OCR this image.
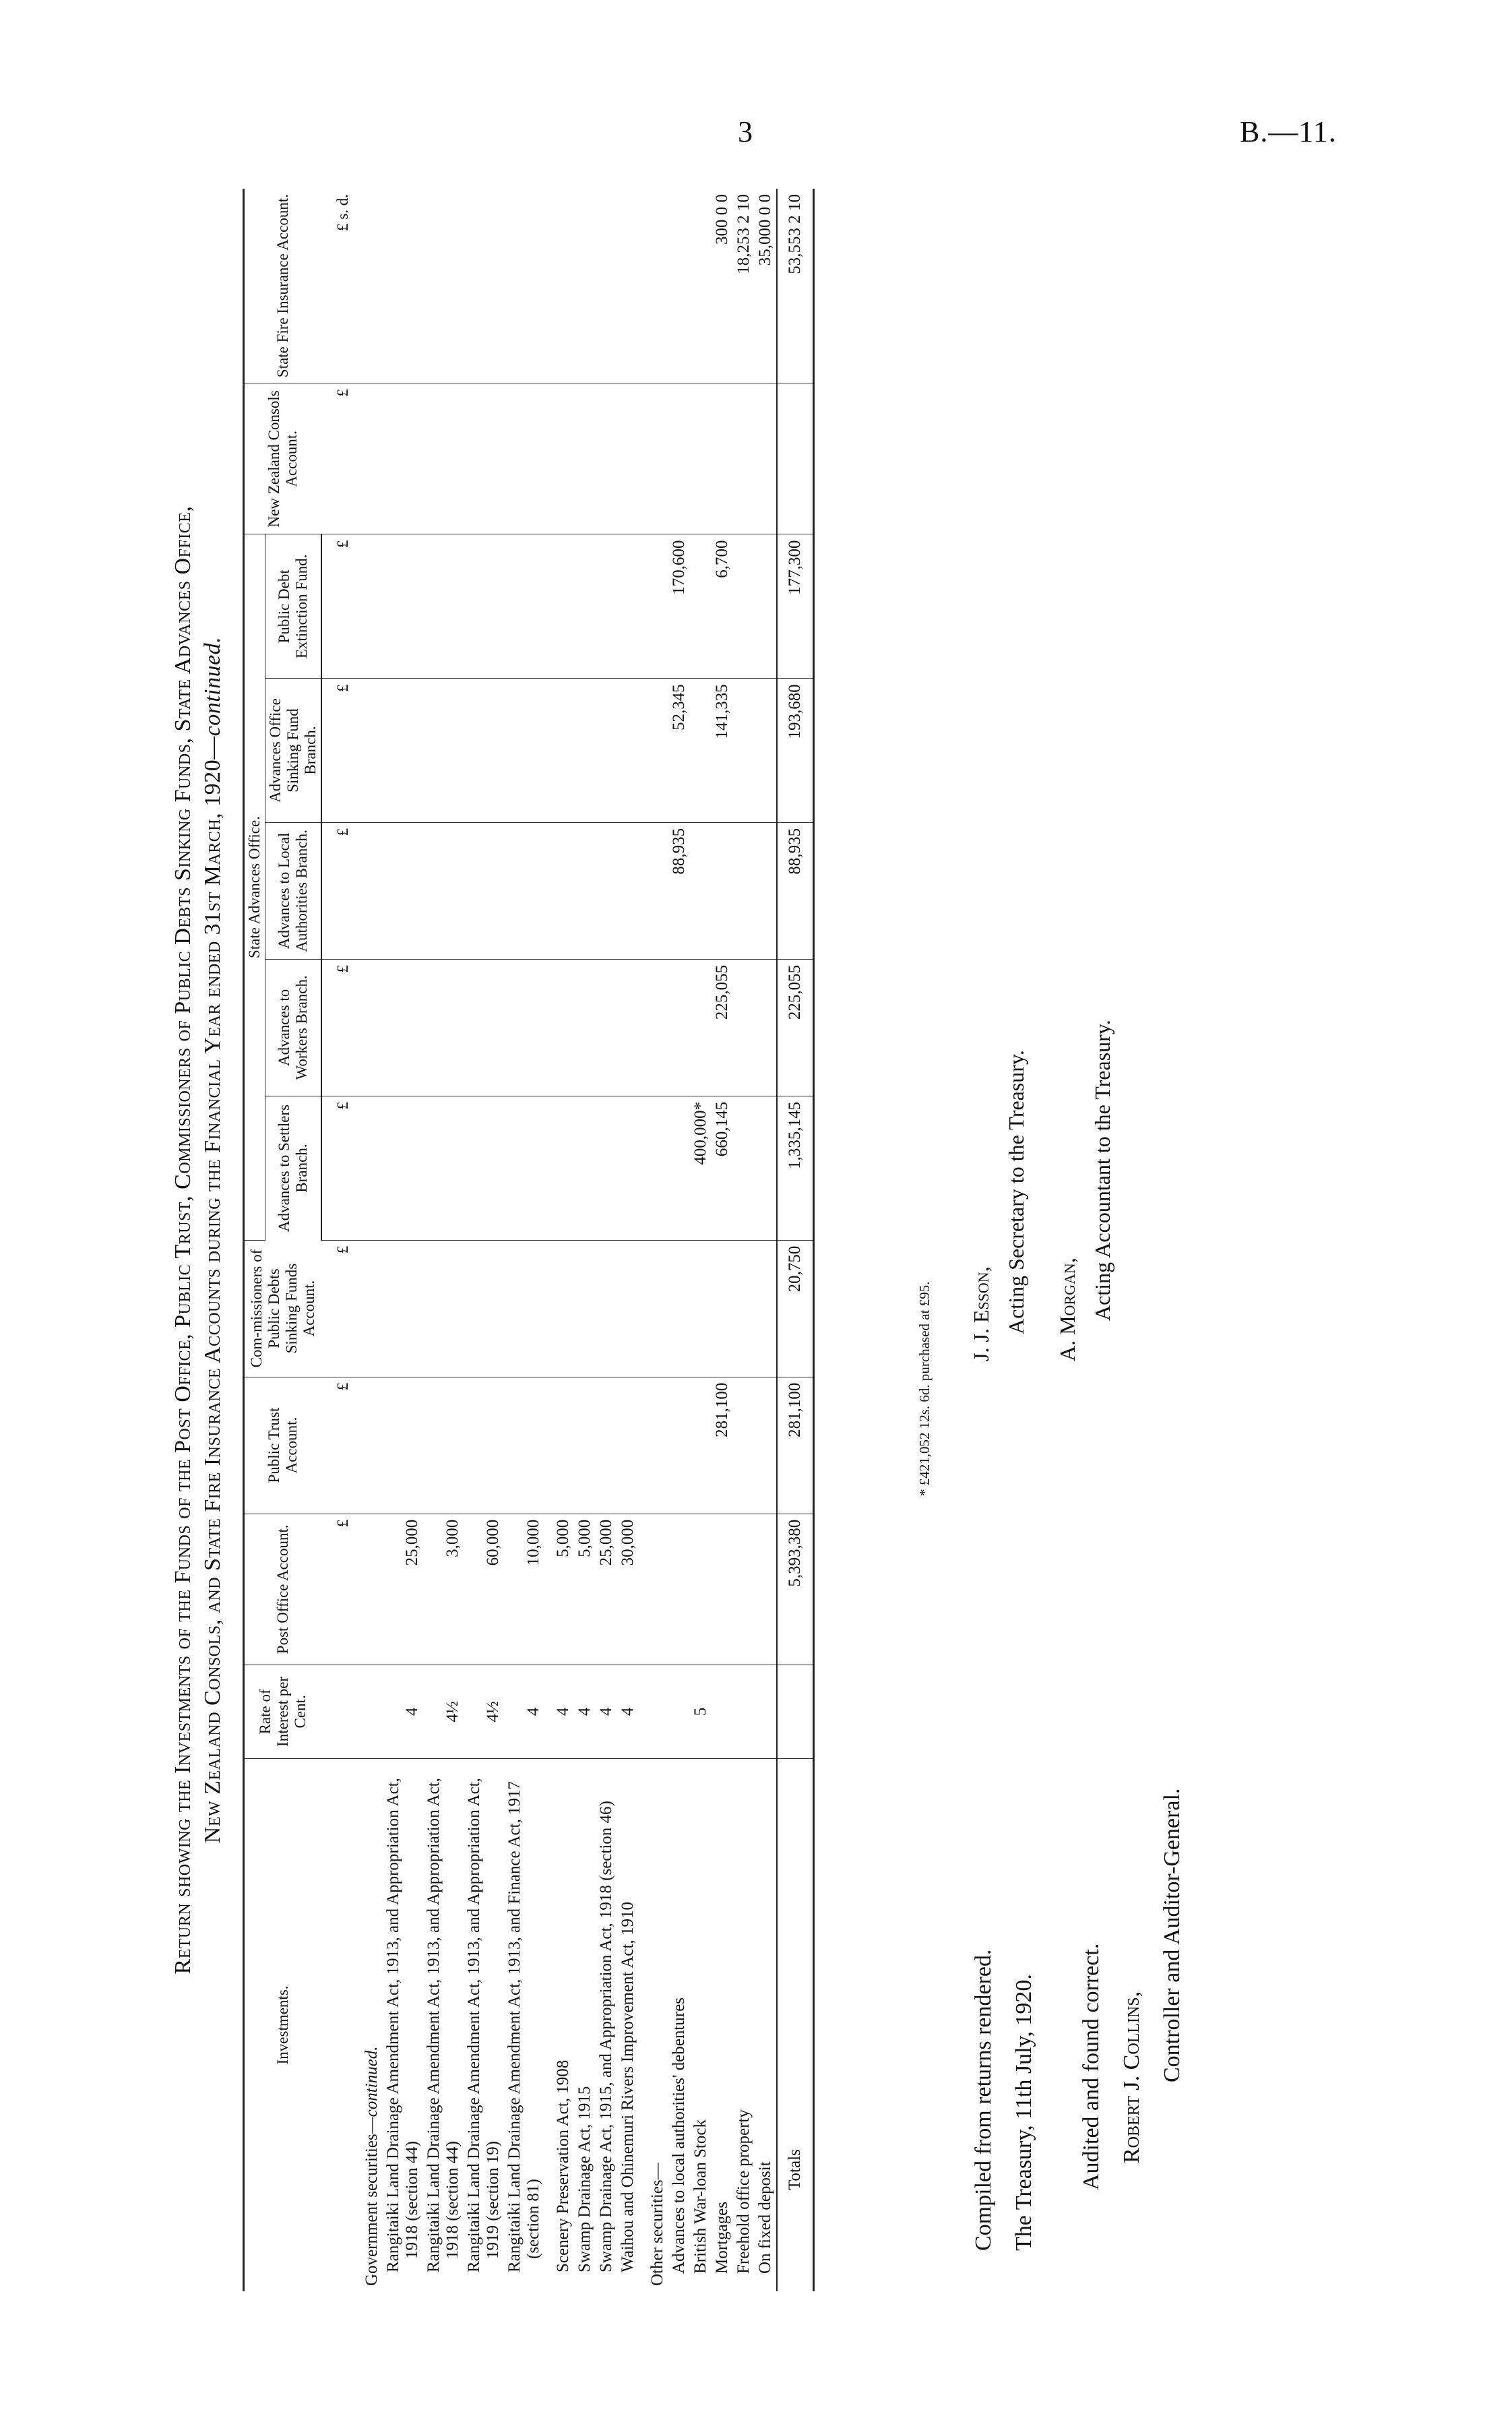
3	B.—11.
Return showing the Investments of the Funds of the Post Office, Public Trust, Commissioners of Public Debts Sinking Funds, State Advances Office, New Zealand Consols, and State Fire Insurance Accounts during the Financial Year ended 31st March, 1920—continued.
Investments.	Rate of Interest per Cent.	Post Office Account.	Public Trust Account.	Com-missioners of Public Debts Sinking Funds Account.	State Advances Office.					New Zealand Consols Account.	State Fire Insurance Account.
					Advances to Settlers Branch.	Advances to Workers Branch.	Advances to Local Authorities Branch.	Advances Office Sinking Fund Branch.	Public Debt Extinction Fund.		
		£	£	£	£	£	£	£	£	£	£ s. d.
Government securities—continued.											
Rangitaiki Land Drainage Amendment Act, 1913, and Appropriation Act, 1918 (section 44)	4	25,000									
Rangitaiki Land Drainage Amendment Act, 1913, and Appropriation Act, 1918 (section 44)	4½	3,000									
Rangitaiki Land Drainage Amendment Act, 1913, and Appropriation Act, 1919 (section 19)	4½	60,000									
Rangitaiki Land Drainage Amendment Act, 1913, and Finance Act, 1917 (section 81)	4	10,000									
Scenery Preservation Act, 1908	4	5,000									
Swamp Drainage Act, 1915	4	5,000									
Swamp Drainage Act, 1915, and Appropriation Act, 1918 (section 46)	4	25,000									
Waihou and Ohinemuri Rivers Improvement Act, 1910	4	30,000									
Other securities—											
Advances to local authorities' debentures							88,935	52,345	170,600		
British War-loan Stock	5				400,000*						
Mortgages			281,100		660,145	225,055		141,335	6,700		300 0 0
Freehold office property											18,253 2 10
On fixed deposit											35,000 0 0
Totals		5,393,380	281,100	20,750	1,335,145	225,055	88,935	193,680	177,300		53,553 2 10
* £421,052 12s. 6d. purchased at £95.
Compiled from returns rendered. The Treasury, 11th July, 1920.	Audited and found correct. Robert J. Collins, Controller and Auditor-General.
J. J. Esson, Acting Secretary to the Treasury. A. Morgan, Acting Accountant to the Treasury.
